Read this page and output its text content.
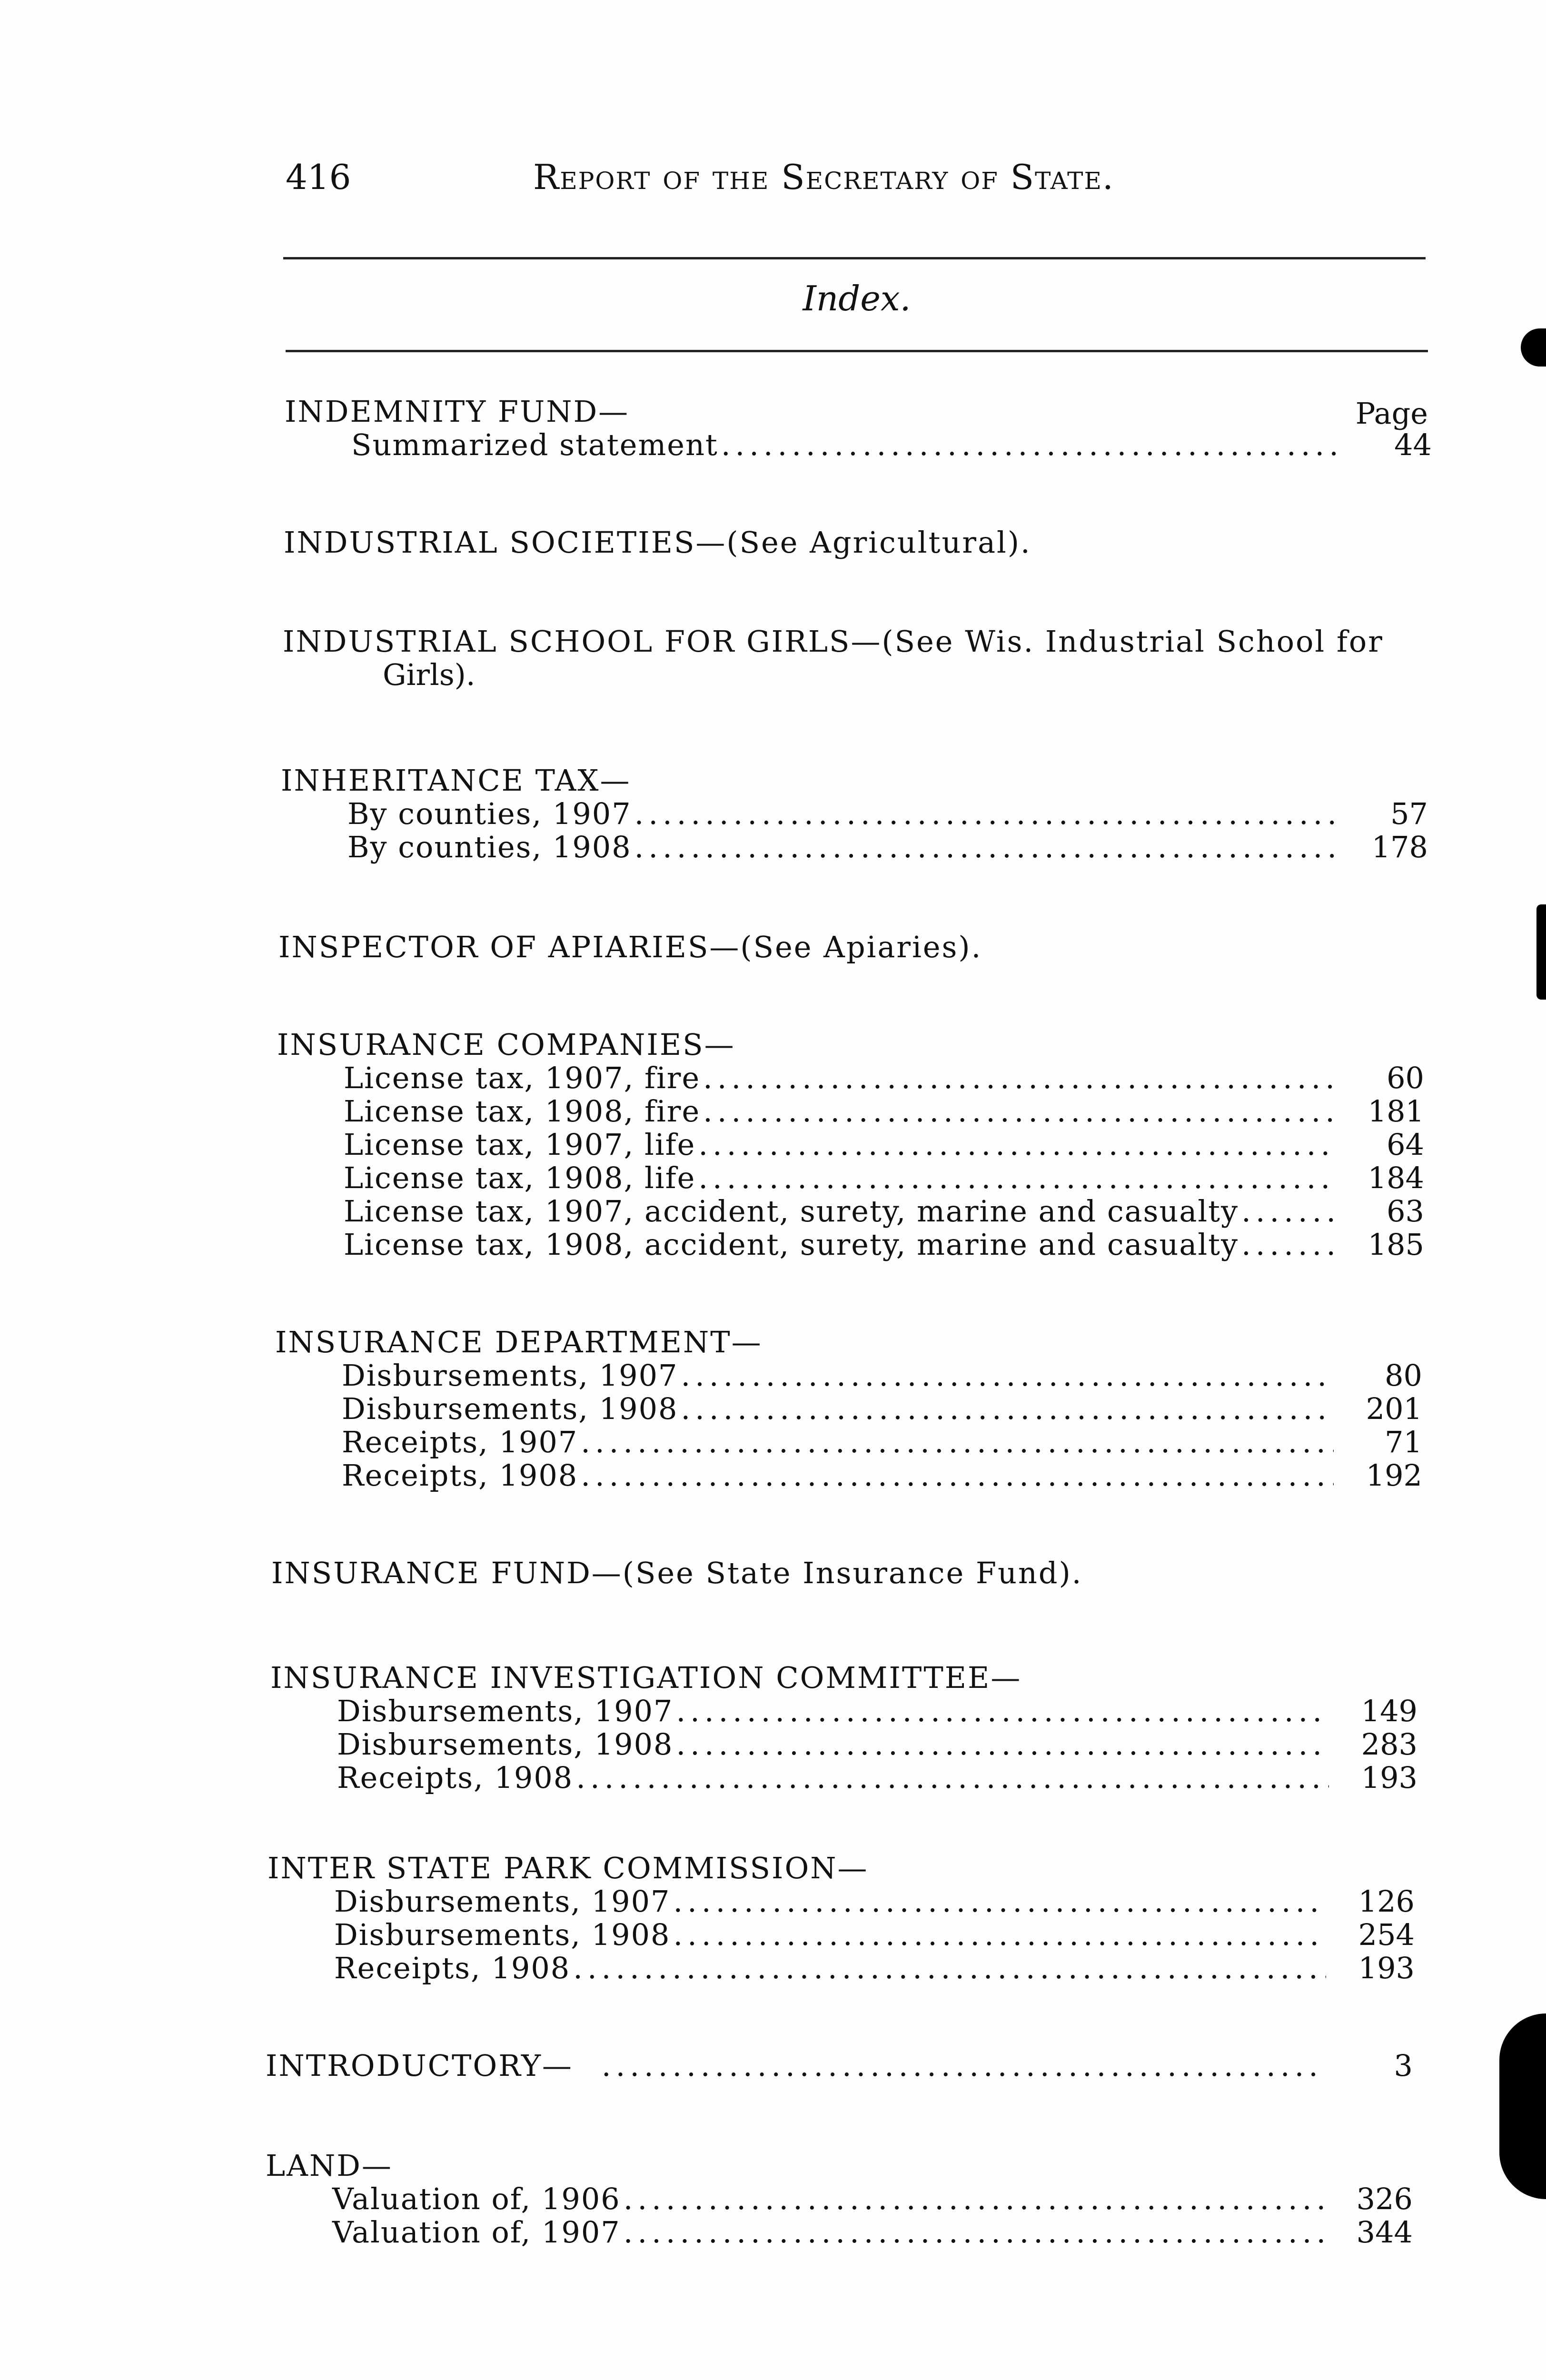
416	Report of the Secretary of State.
Index.
Page
INDEMNITY FUND—
Summarized statement .....	44
INDUSTRIAL SOCIETIES—(See Agricultural).
INDUSTRIAL SCHOOL FOR GIRLS—(See Wis. Industrial School for
Girls).
INHERITANCE TAX—
By counties, 1907 .....	57
By counties, 1908 .....	178
INSPECTOR OF APIARIES—(See Apiaries).
INSURANCE COMPANIES—
License tax, 1907, fire .....	60
License tax, 1908, fire .....	181
License tax, 1907, life .....	64
License tax, 1908, life .....	184
License tax, 1907, accident, surety, marine and casualty .....	63
License tax, 1908, accident, surety, marine and casualty .....	185
INSURANCE DEPARTMENT—
Disbursements, 1907 .....	80
Disbursements, 1908 .....	201
Receipts, 1907 .....	71
Receipts, 1908 .....	192
INSURANCE FUND—(See State Insurance Fund).
INSURANCE INVESTIGATION COMMITTEE—
Disbursements, 1907 .....	149
Disbursements, 1908 .....	283
Receipts, 1908 .....	193
INTER STATE PARK COMMISSION—
Disbursements, 1907 .....	126
Disbursements, 1908 .....	254
Receipts, 1908 .....	193
INTRODUCTORY— .....	3
LAND—
Valuation of, 1906 .....	326
Valuation of, 1907 .....	344
